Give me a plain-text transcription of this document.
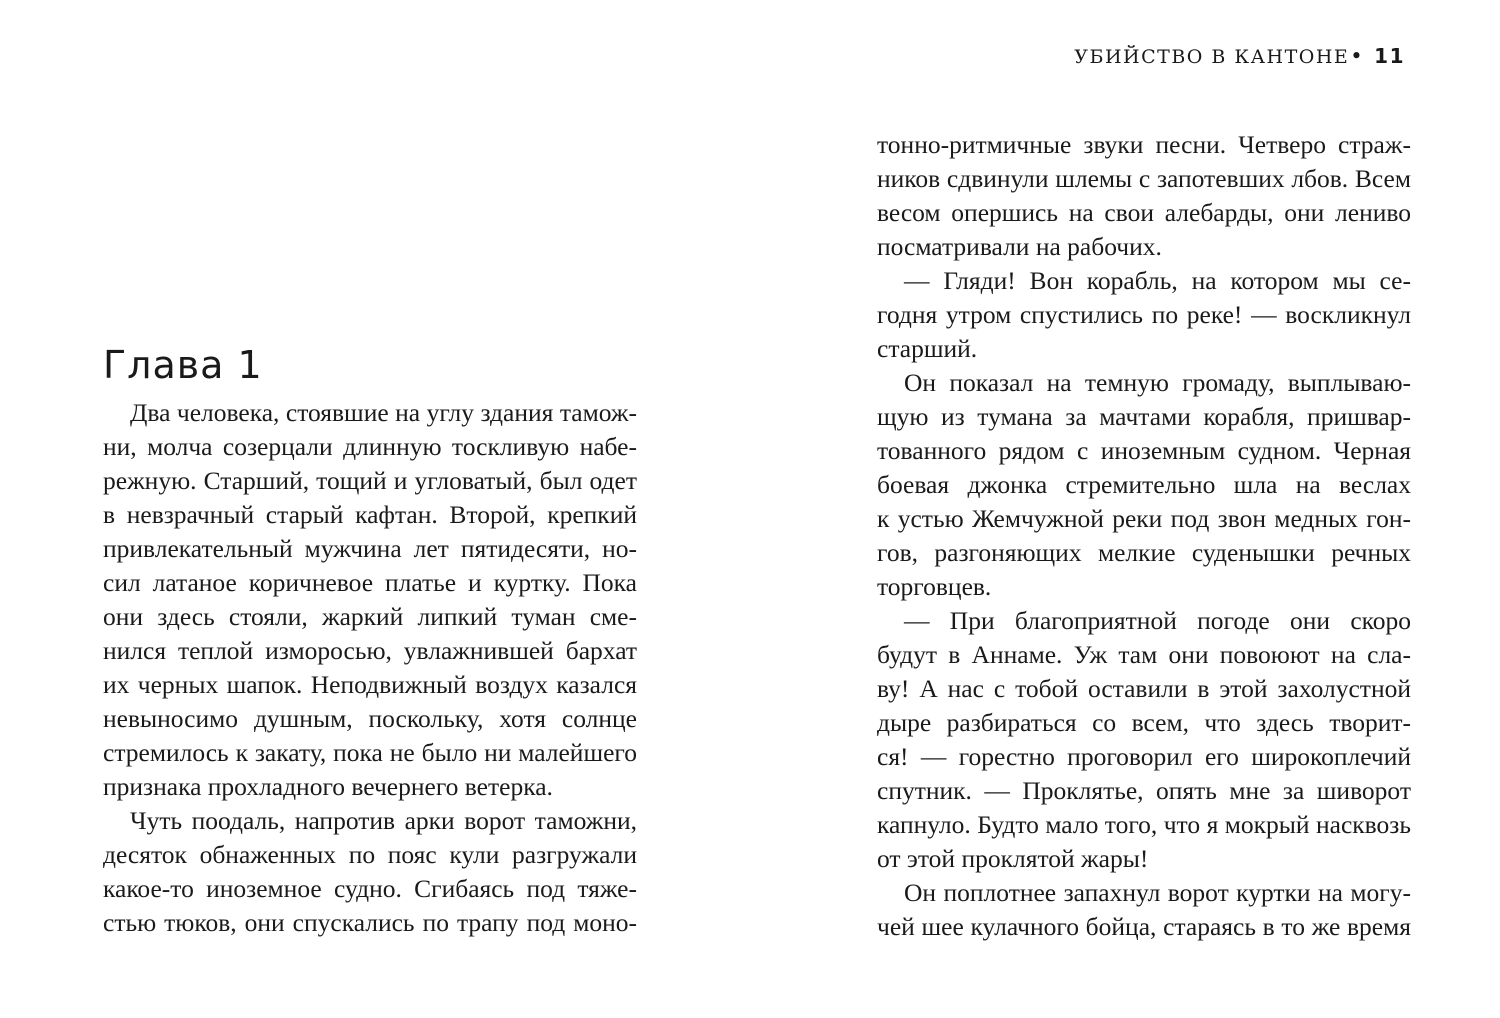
Глава 1
Два человека, стоявшие на углу здания тамож-
ни, молча созерцали длинную тоскливую набе-
режную. Старший, тощий и угловатый, был одет
в невзрачный старый кафтан. Второй, крепкий
привлекательный мужчина лет пятидесяти, но-
сил латаное коричневое платье и куртку. Пока
они здесь стояли, жаркий липкий туман сме-
нился теплой изморосью, увлажнившей бархат
их черных шапок. Неподвижный воздух казался
невыносимо душным, поскольку, хотя солнце
стремилось к закату, пока не было ни малейшего
признака прохладного вечернего ветерка.
Чуть поодаль, напротив арки ворот таможни,
десяток обнаженных по пояс кули разгружали
какое-то иноземное судно. Сгибаясь под тяже-
стью тюков, они спускались по трапу под моно-
УБИЙСТВО В КАНТОНЕ• 11
тонно-ритмичные звуки песни. Четверо страж-
ников сдвинули шлемы с запотевших лбов. Всем
весом опершись на свои алебарды, они лениво
посматривали на рабочих.
— Гляди! Вон корабль, на котором мы се-
годня утром спустились по реке! — воскликнул
старший.
Он показал на темную громаду, выплываю-
щую из тумана за мачтами корабля, пришвар-
тованного рядом с иноземным судном. Черная
боевая джонка стремительно шла на веслах
к устью Жемчужной реки под звон медных гон-
гов, разгоняющих мелкие суденышки речных
торговцев.
— При благоприятной погоде они скоро
будут в Аннаме. Уж там они повоюют на сла-
ву! А нас с тобой оставили в этой захолустной
дыре разбираться со всем, что здесь творит-
ся! — горестно проговорил его широкоплечий
спутник. — Проклятье, опять мне за шиворот
капнуло. Будто мало того, что я мокрый насквозь
от этой проклятой жары!
Он поплотнее запахнул ворот куртки на могу-
чей шее кулачного бойца, стараясь в то же время
